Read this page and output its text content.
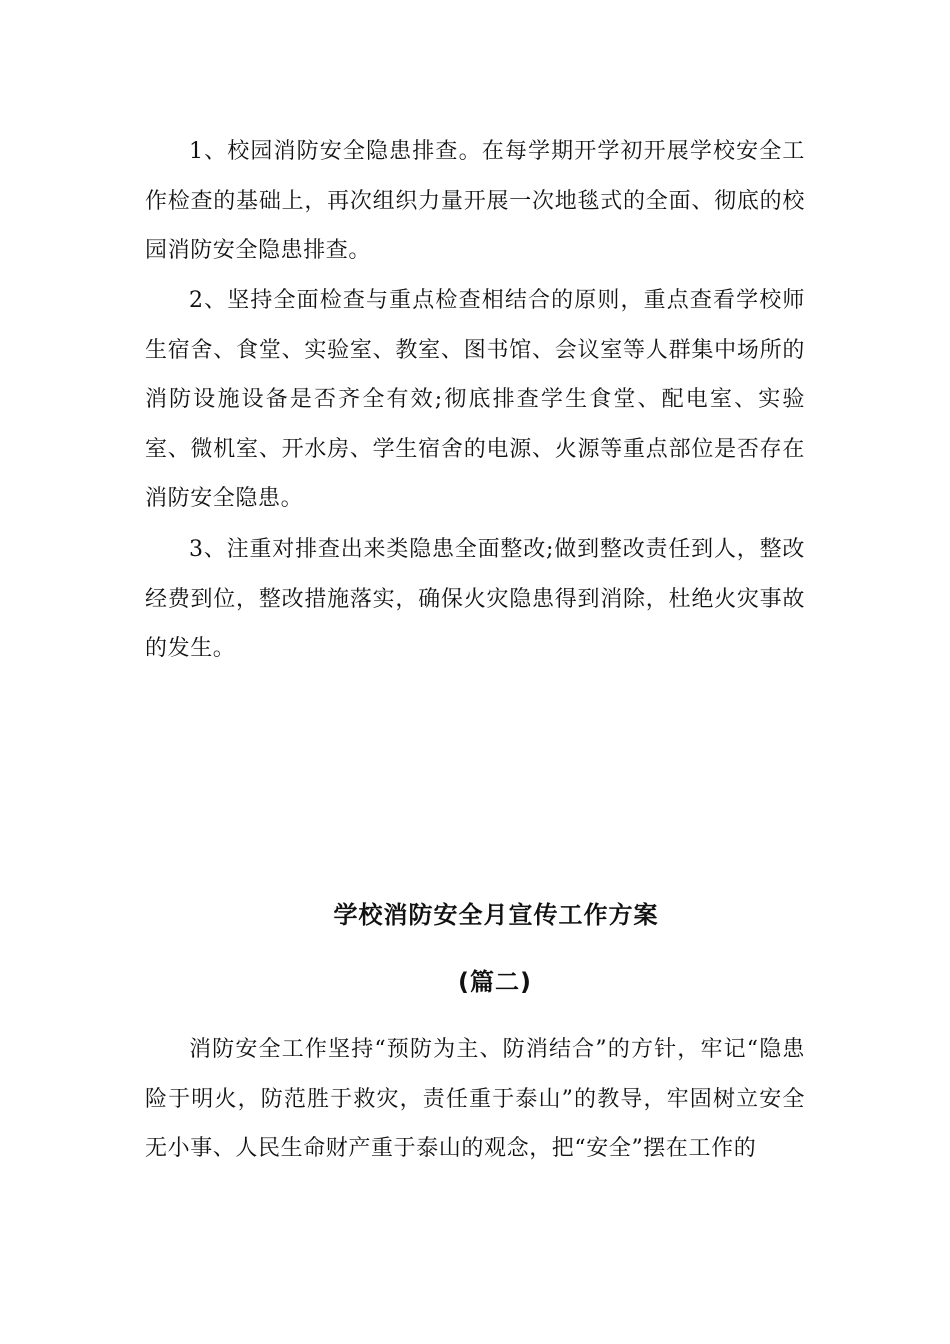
1、校园消防安全隐患排查。在每学期开学初开展学校安全工作检查的基础上，再次组织力量开展一次地毯式的全面、彻底的校园消防安全隐患排查。

2、坚持全面检查与重点检查相结合的原则，重点查看学校师生宿舍、食堂、实验室、教室、图书馆、会议室等人群集中场所的消防设施设备是否齐全有效;彻底排查学生食堂、配电室、实验室、微机室、开水房、学生宿舍的电源、火源等重点部位是否存在消防安全隐患。

3、注重对排查出来类隐患全面整改;做到整改责任到人，整改经费到位，整改措施落实，确保火灾隐患得到消除，杜绝火灾事故的发生。

学校消防安全月宣传工作方案
(篇二)

消防安全工作坚持“预防为主、防消结合”的方针，牢记“隐患险于明火，防范胜于救灾，责任重于泰山”的教导，牢固树立安全无小事、人民生命财产重于泰山的观念，把“安全”摆在工作的
